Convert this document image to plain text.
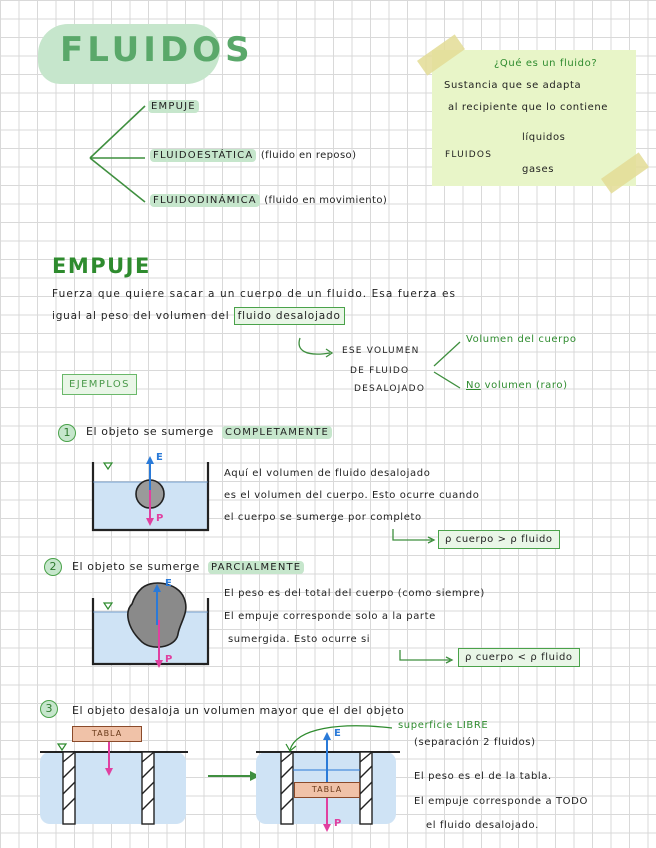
FLUIDOS
EMPUJE
FLUIDOESTÁTICA (fluido en reposo)
FLUIDODINÁMICA (fluido en movimiento)
¿Qué es un fluido?
Sustancia que se adapta
al recipiente que lo contiene
FLUIDOS
líquidos
gases
EMPUJE
Fuerza que quiere sacar a un cuerpo de un fluido. Esa fuerza es
igual al peso del volumen del fluido desalojado
ESE VOLUMEN
DE FLUIDO
DESALOJADO
Volumen del cuerpo
No volumen (raro)
EJEMPLOS
1	El objeto se sumerge COMPLETAMENTE
E
P
Aquí el volumen de fluido desalojado
es el volumen del cuerpo. Esto ocurre cuando
el cuerpo se sumerge por completo
ρ cuerpo > ρ fluido
2	El objeto se sumerge PARCIALMENTE
E
P
El peso es del total del cuerpo (como siempre)
El empuje corresponde solo a la parte
sumergida. Esto ocurre si
ρ cuerpo < ρ fluido
3	El objeto desaloja un volumen mayor que el del objeto
superficie LIBRE
(separación 2 fluidos)
TABLA
TABLA
E
P
El peso es el de la tabla.
El empuje corresponde a TODO
el fluido desalojado.
